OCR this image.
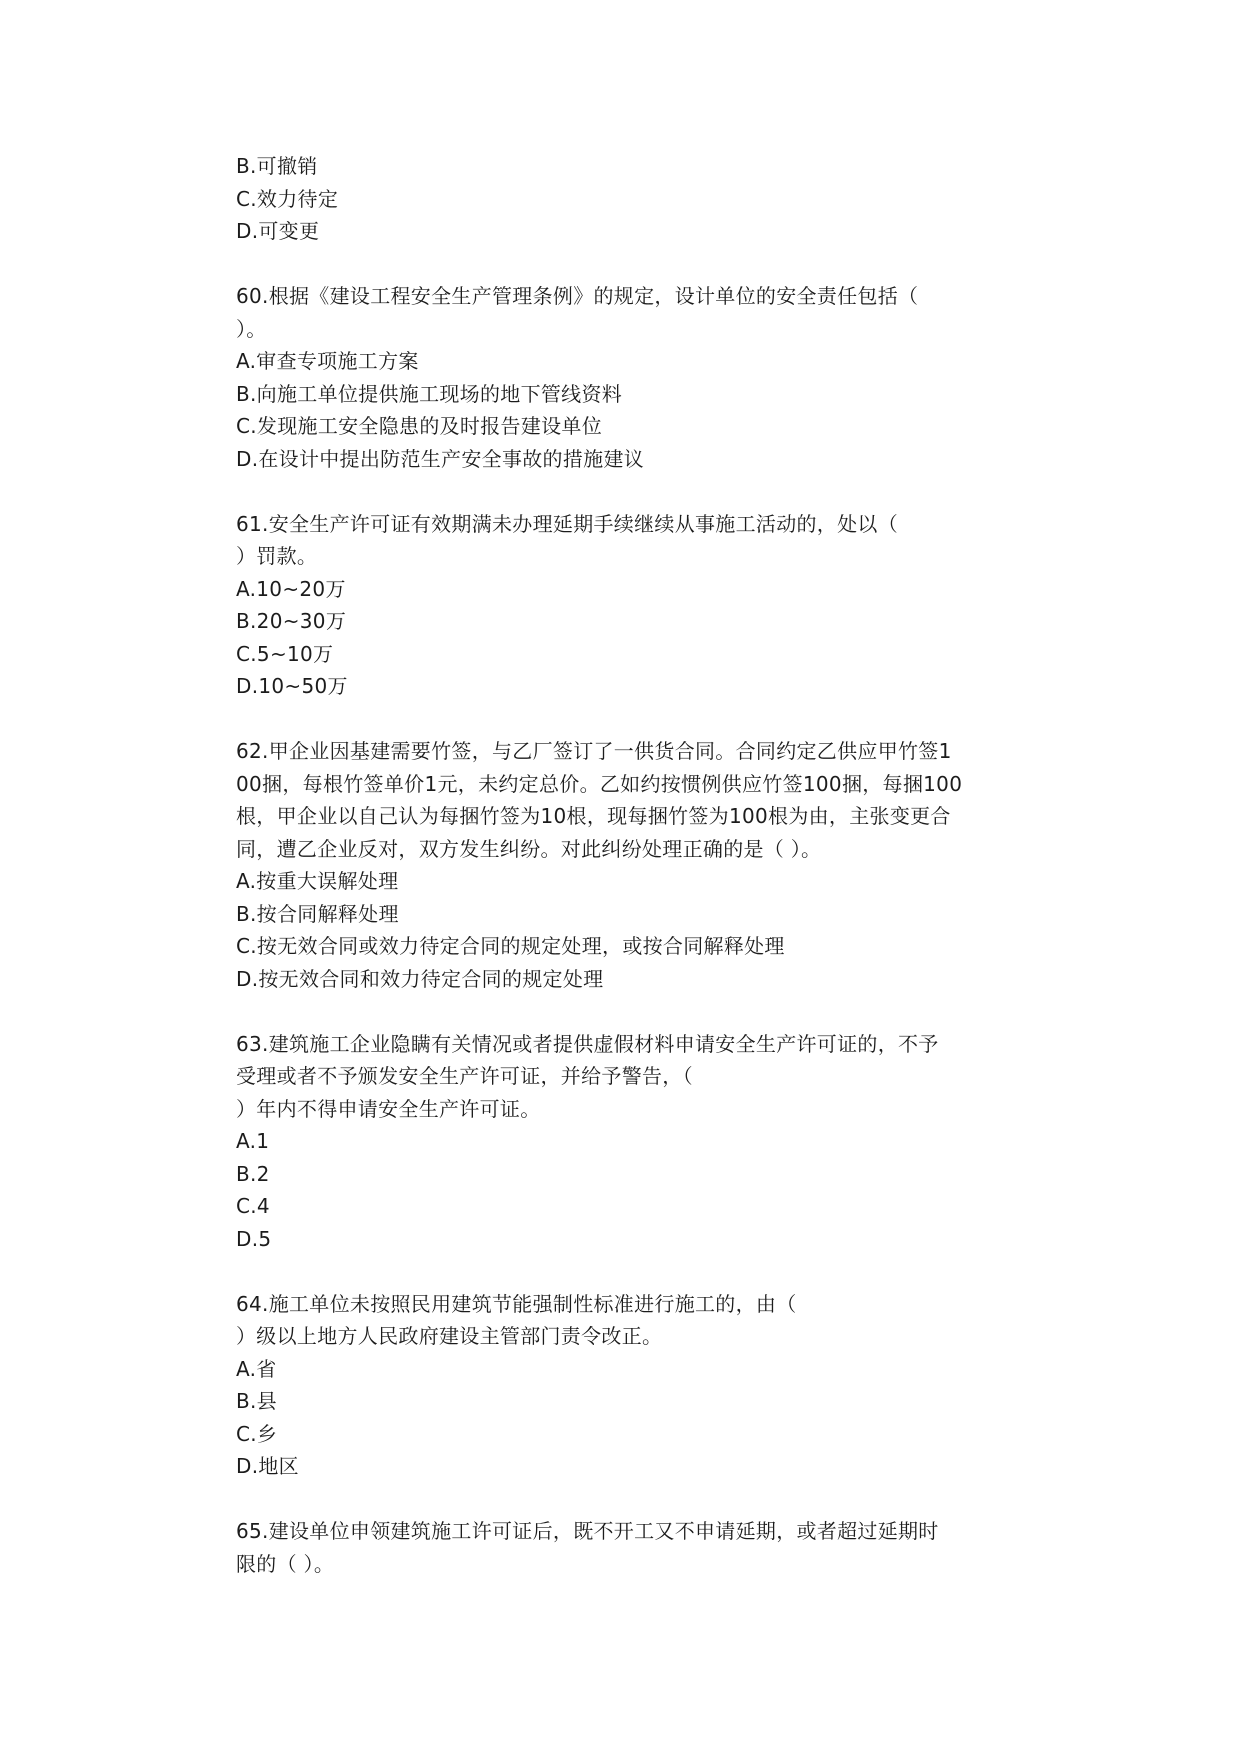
B.可撤销
C.效力待定
D.可变更
60.根据《建设工程安全生产管理条例》的规定，设计单位的安全责任包括（
）。
A.审查专项施工方案
B.向施工单位提供施工现场的地下管线资料
C.发现施工安全隐患的及时报告建设单位
D.在设计中提出防范生产安全事故的措施建议
61.安全生产许可证有效期满未办理延期手续继续从事施工活动的，处以（
）罚款。
A.10~20万
B.20~30万
C.5~10万
D.10~50万
62.甲企业因基建需要竹签，与乙厂签订了一供货合同。合同约定乙供应甲竹签1
00捆，每根竹签单价1元，未约定总价。乙如约按惯例供应竹签100捆，每捆100
根，甲企业以自己认为每捆竹签为10根，现每捆竹签为100根为由，主张变更合
同，遭乙企业反对，双方发生纠纷。对此纠纷处理正确的是（ ）。
A.按重大误解处理
B.按合同解释处理
C.按无效合同或效力待定合同的规定处理，或按合同解释处理
D.按无效合同和效力待定合同的规定处理
63.建筑施工企业隐瞒有关情况或者提供虚假材料申请安全生产许可证的，不予
受理或者不予颁发安全生产许可证，并给予警告，（
）年内不得申请安全生产许可证。
A.1
B.2
C.4
D.5
64.施工单位未按照民用建筑节能强制性标准进行施工的，由（
）级以上地方人民政府建设主管部门责令改正。
A.省
B.县
C.乡
D.地区
65.建设单位申领建筑施工许可证后，既不开工又不申请延期，或者超过延期时
限的（ ）。
